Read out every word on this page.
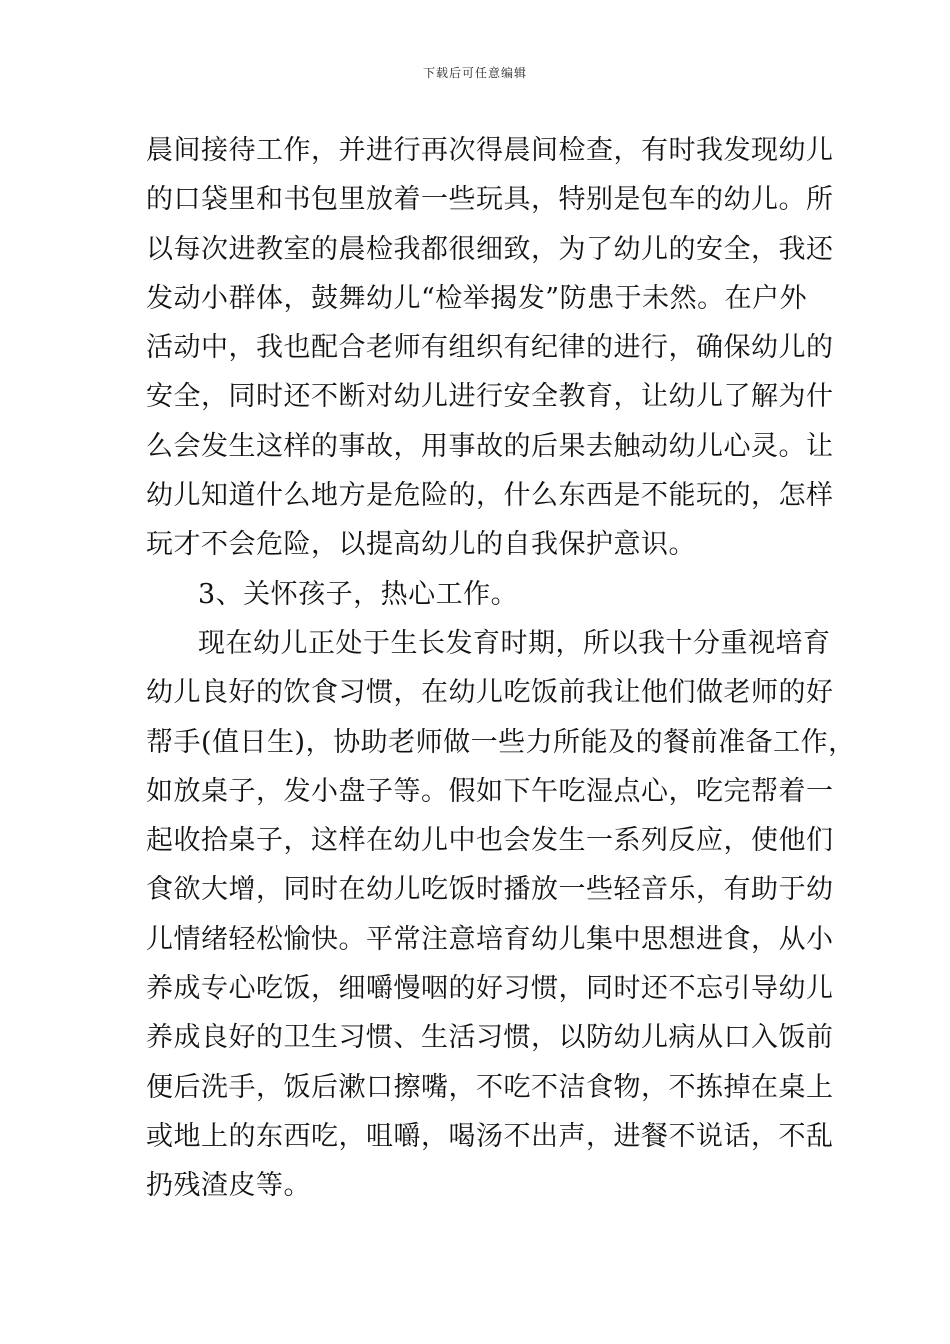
下载后可任意编辑
晨间接待工作，并进行再次得晨间检查，有时我发现幼儿
的口袋里和书包里放着一些玩具，特别是包车的幼儿。所
以每次进教室的晨检我都很细致，为了幼儿的安全，我还
发动小群体，鼓舞幼儿“检举揭发”防患于未然。在户外
活动中，我也配合老师有组织有纪律的进行，确保幼儿的
安全，同时还不断对幼儿进行安全教育，让幼儿了解为什
么会发生这样的事故，用事故的后果去触动幼儿心灵。让
幼儿知道什么地方是危险的，什么东西是不能玩的，怎样
玩才不会危险，以提高幼儿的自我保护意识。
3、关怀孩子，热心工作。
现在幼儿正处于生长发育时期，所以我十分重视培育
幼儿良好的饮食习惯，在幼儿吃饭前我让他们做老师的好
帮手(值日生)，协助老师做一些力所能及的餐前准备工作，
如放桌子，发小盘子等。假如下午吃湿点心，吃完帮着一
起收拾桌子，这样在幼儿中也会发生一系列反应，使他们
食欲大增，同时在幼儿吃饭时播放一些轻音乐，有助于幼
儿情绪轻松愉快。平常注意培育幼儿集中思想进食，从小
养成专心吃饭，细嚼慢咽的好习惯，同时还不忘引导幼儿
养成良好的卫生习惯、生活习惯，以防幼儿病从口入饭前
便后洗手，饭后漱口擦嘴，不吃不洁食物，不拣掉在桌上
或地上的东西吃，咀嚼，喝汤不出声，进餐不说话，不乱
扔残渣皮等。
